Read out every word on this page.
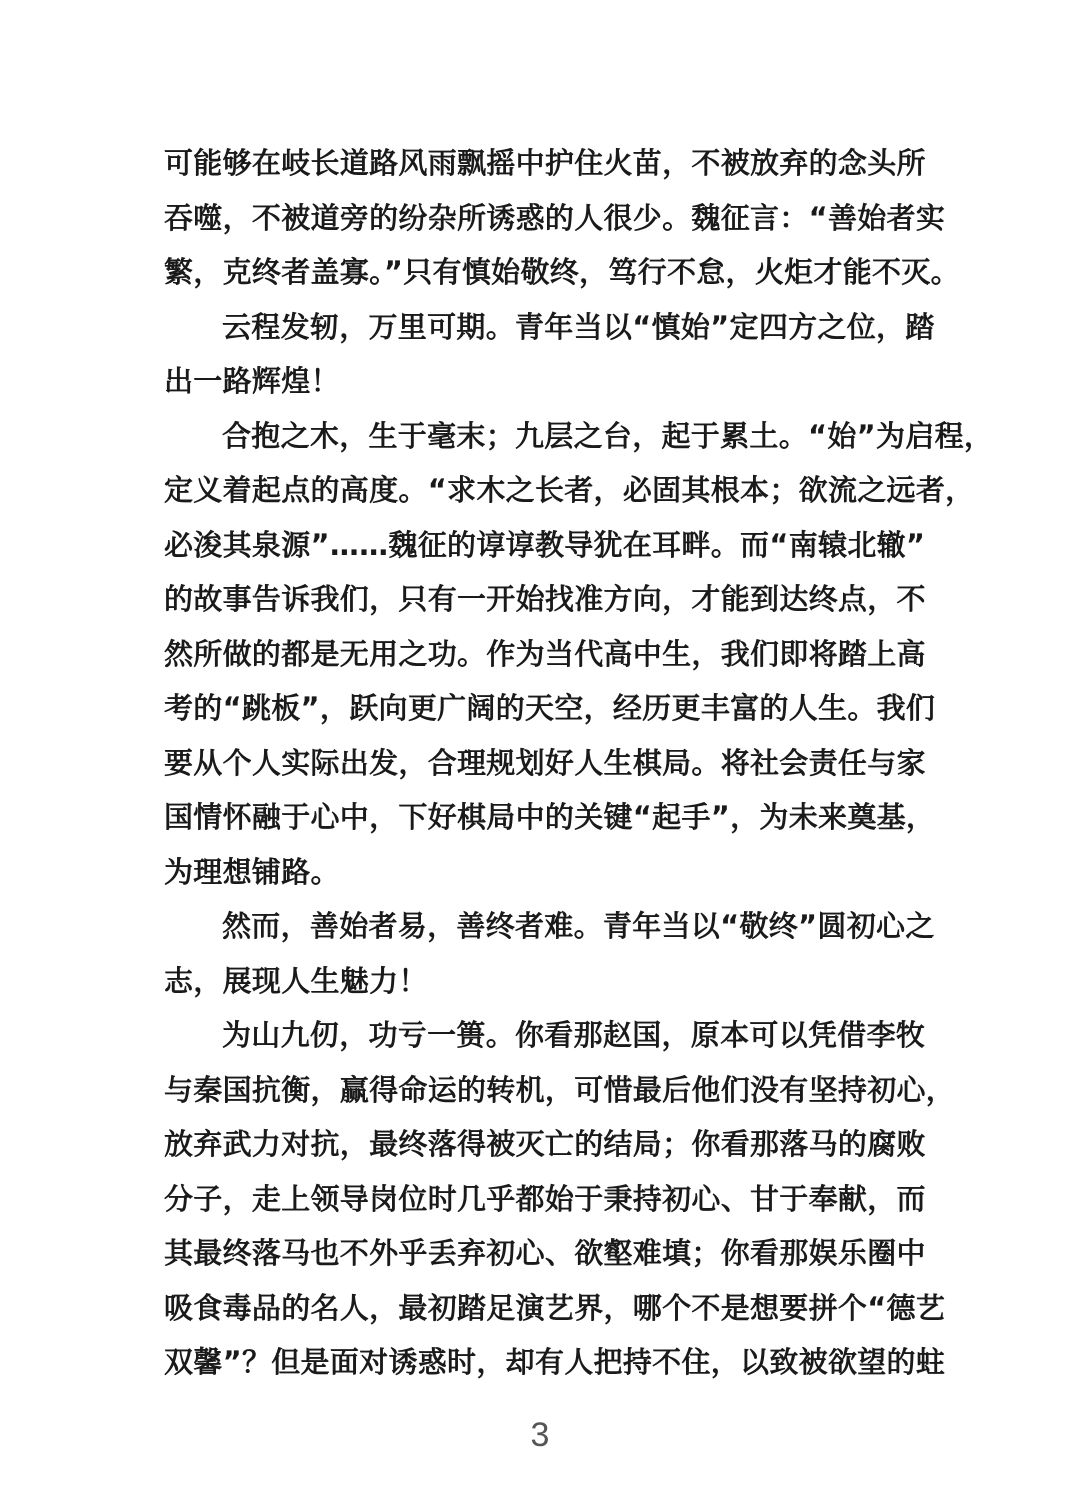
可能够在岐长道路风雨飘摇中护住火苗，不被放弃的念头所
吞噬，不被道旁的纷杂所诱惑的人很少。魏征言：“善始者实
繁，克终者盖寡。”只有慎始敬终，笃行不怠，火炬才能不灭。
云程发轫，万里可期。青年当以“慎始”定四方之位，踏
出一路辉煌！
合抱之木，生于毫末；九层之台，起于累土。“始”为启程，
定义着起点的高度。“求木之长者，必固其根本；欲流之远者，
必浚其泉源”……魏征的谆谆教导犹在耳畔。而“南辕北辙”
的故事告诉我们，只有一开始找准方向，才能到达终点，不
然所做的都是无用之功。作为当代高中生，我们即将踏上高
考的“跳板”，跃向更广阔的天空，经历更丰富的人生。我们
要从个人实际出发，合理规划好人生棋局。将社会责任与家
国情怀融于心中，下好棋局中的关键“起手”，为未来奠基，
为理想铺路。
然而，善始者易，善终者难。青年当以“敬终”圆初心之
志，展现人生魅力！
为山九仞，功亏一篑。你看那赵国，原本可以凭借李牧
与秦国抗衡，赢得命运的转机，可惜最后他们没有坚持初心，
放弃武力对抗，最终落得被灭亡的结局；你看那落马的腐败
分子，走上领导岗位时几乎都始于秉持初心、甘于奉献，而
其最终落马也不外乎丢弃初心、欲壑难填；你看那娱乐圈中
吸食毒品的名人，最初踏足演艺界，哪个不是想要拼个“德艺
双馨”？但是面对诱惑时，却有人把持不住，以致被欲望的蛀
3
